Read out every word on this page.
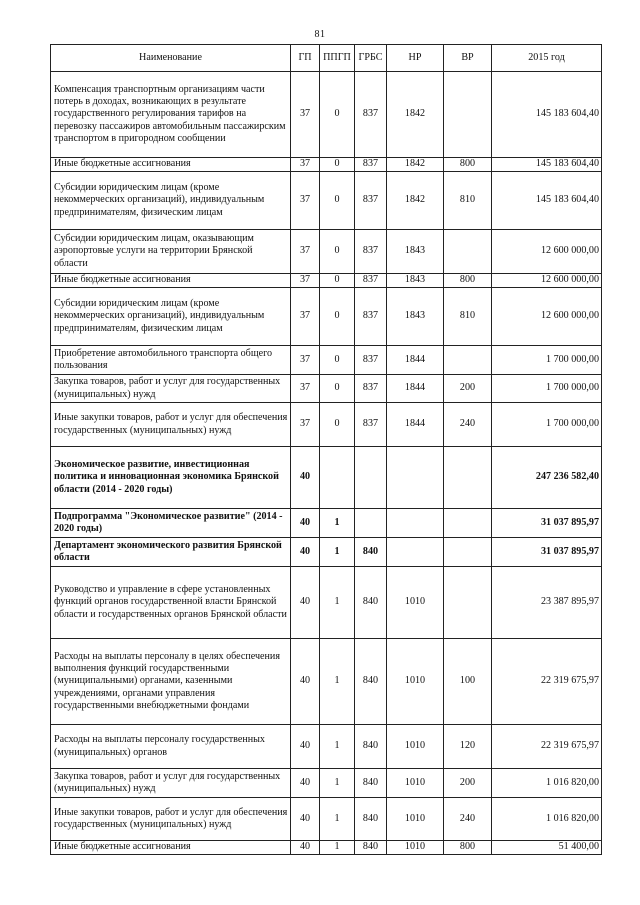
81
Наименование	ГП	ППГП	ГРБС	НР	ВР	2015 год
Компенсация транспортным организациям части потерь в доходах, возникающих в результате государственного регулирования тарифов на перевозку пассажиров автомобильным пассажирским транспортом в пригородном сообщении	37	0	837	1842		145 183 604,40
Иные бюджетные ассигнования	37	0	837	1842	800	145 183 604,40
Субсидии юридическим лицам (кроме некоммерческих организаций), индивидуальным предпринимателям, физическим лицам	37	0	837	1842	810	145 183 604,40
Субсидии юридическим лицам, оказывающим аэропортовые услуги на территории Брянской области	37	0	837	1843		12 600 000,00
Иные бюджетные ассигнования	37	0	837	1843	800	12 600 000,00
Субсидии юридическим лицам (кроме некоммерческих организаций), индивидуальным предпринимателям, физическим лицам	37	0	837	1843	810	12 600 000,00
Приобретение автомобильного транспорта общего пользования	37	0	837	1844		1 700 000,00
Закупка товаров, работ и услуг для государственных (муниципальных) нужд	37	0	837	1844	200	1 700 000,00
Иные закупки товаров, работ и услуг для обеспечения государственных (муниципальных) нужд	37	0	837	1844	240	1 700 000,00
Экономическое развитие, инвестиционная политика и инновационная экономика Брянской области (2014 - 2020 годы)	40					247 236 582,40
Подпрограмма "Экономическое развитие" (2014 - 2020 годы)	40	1				31 037 895,97
Департамент экономического развития Брянской области	40	1	840			31 037 895,97
Руководство и управление в сфере установленных функций органов государственной власти Брянской области и государственных органов Брянской области	40	1	840	1010		23 387 895,97
Расходы на выплаты персоналу в целях обеспечения выполнения функций государственными (муниципальными) органами, казенными учреждениями, органами управления государственными внебюджетными фондами	40	1	840	1010	100	22 319 675,97
Расходы на выплаты персоналу государственных (муниципальных) органов	40	1	840	1010	120	22 319 675,97
Закупка товаров, работ и услуг для государственных (муниципальных) нужд	40	1	840	1010	200	1 016 820,00
Иные закупки товаров, работ и услуг для обеспечения государственных (муниципальных) нужд	40	1	840	1010	240	1 016 820,00
Иные бюджетные ассигнования	40	1	840	1010	800	51 400,00
